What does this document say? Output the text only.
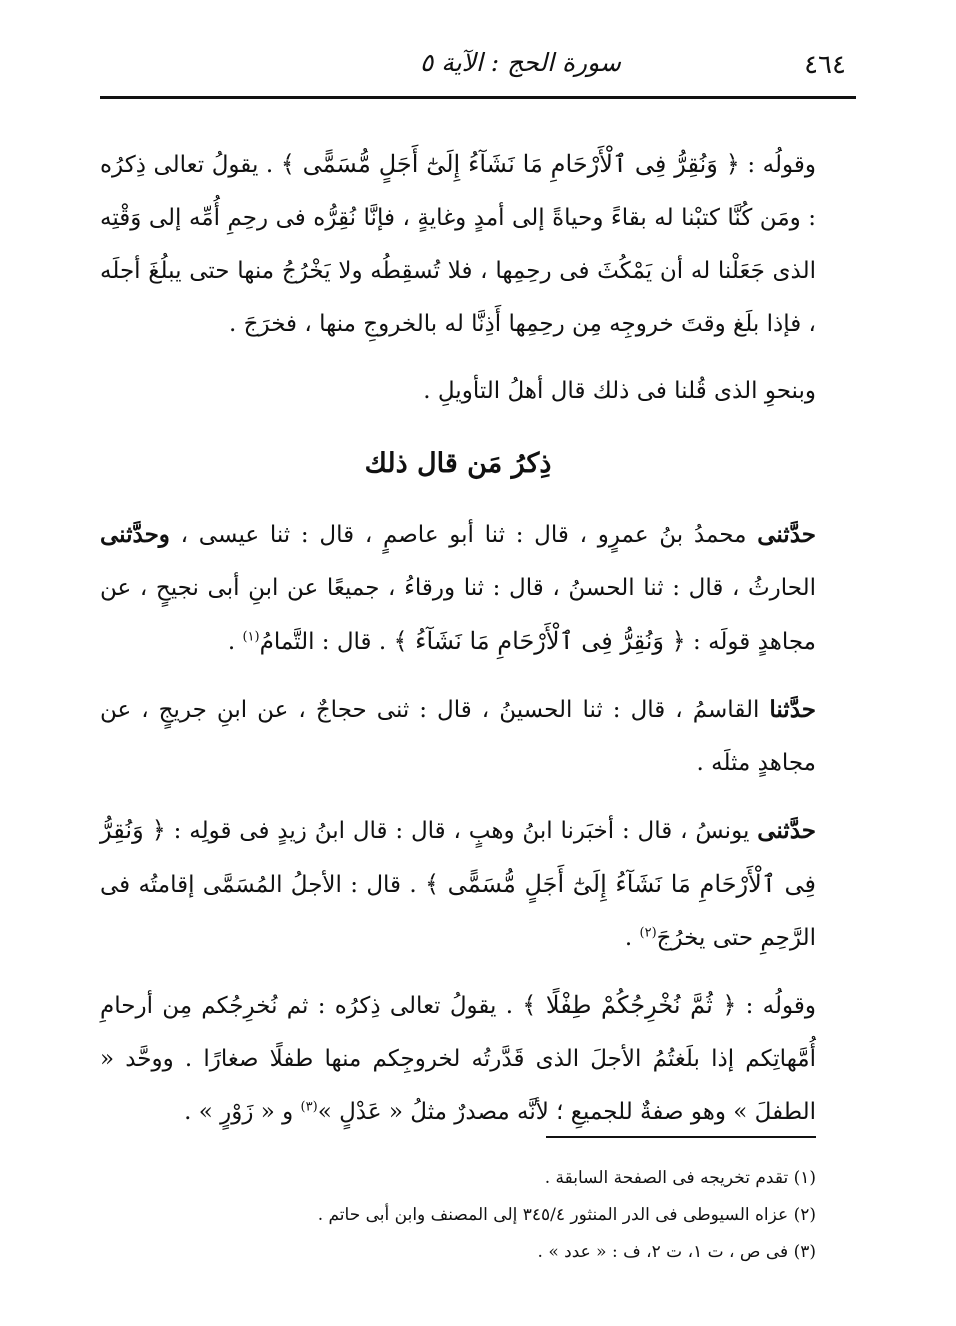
٤٦٤
سورة الحج : الآية ٥

وقولُه : ﴿ وَنُقِرُّ فِى ٱلْأَرْحَامِ مَا نَشَآءُ إِلَىٰٓ أَجَلٍ مُّسَمًّى ﴾ . يقولُ تعالى ذِكرُه : ومَن كُنَّا كتبْنا له بقاءً وحياةً إلى أمدٍ وغايةٍ ، فإنَّا نُقِرُّه فى رحِمِ أُمِّه إلى وَقْتِه الذى جَعَلْنا له أن يَمْكُثَ فى رحِمِها ، فلا تُسقِطُه ولا يَخْرُجُ منها حتى يبلُغَ أجلَه ، فإذا بلَغ وقتَ خروجِه مِن رحِمِها أَذِنَّا له بالخروجِ منها ، فخرَجَ .

وبنحوِ الذى قُلنا فى ذلك قال أهلُ التأويلِ .

ذِكرُ مَن قال ذلك

حدَّثنى محمدُ بنُ عمرٍو ، قال : ثنا أبو عاصمٍ ، قال : ثنا عيسى ، وحدَّثنى الحارثُ ، قال : ثنا الحسنُ ، قال : ثنا ورقاءُ ، جميعًا عن ابنِ أبى نجيحٍ ، عن مجاهدٍ قولَه : ﴿ وَنُقِرُّ فِى ٱلْأَرْحَامِ مَا نَشَآءُ ﴾ . قال : التَّمامُ$^{(١)}$ .

حدَّثنا القاسمُ ، قال : ثنا الحسينُ ، قال : ثنى حجاجٌ ، عن ابنِ جريجٍ ، عن مجاهدٍ مثلَه .

حدَّثنى يونسُ ، قال : أخبَرنا ابنُ وهبٍ ، قال : قال ابنُ زيدٍ فى قولِه : ﴿ وَنُقِرُّ فِى ٱلْأَرْحَامِ مَا نَشَآءُ إِلَىٰٓ أَجَلٍ مُّسَمًّى ﴾ . قال : الأجلُ المُسَمَّى إقامتُه فى الرَّحِمِ حتى يخرُجَ$^{(٢)}$ .

وقولُه : ﴿ ثُمَّ نُخْرِجُكُمْ طِفْلًا ﴾ . يقولُ تعالى ذِكرُه : ثم نُخرِجُكم مِن أرحامِ أُمَّهاتِكم إذا بلَغتُمُ الأجلَ الذى قَدَّرتُه لخروجِكم منها طفلًا صغارًا . ووحَّد « الطفلَ » وهو صفةٌ للجميعِ ؛ لأنَّه مصدرٌ مثلُ « عَدْلٍ »$^{(٣)}$ و « زَوْرٍ » .

(١) تقدم تخريجه فى الصفحة السابقة .

(٢) عزاه السيوطى فى الدر المنثور ٣٤٥/٤ إلى المصنف وابن أبى حاتم .

(٣) فى ص ، ت ١، ت ٢، ف : « عدد » .
